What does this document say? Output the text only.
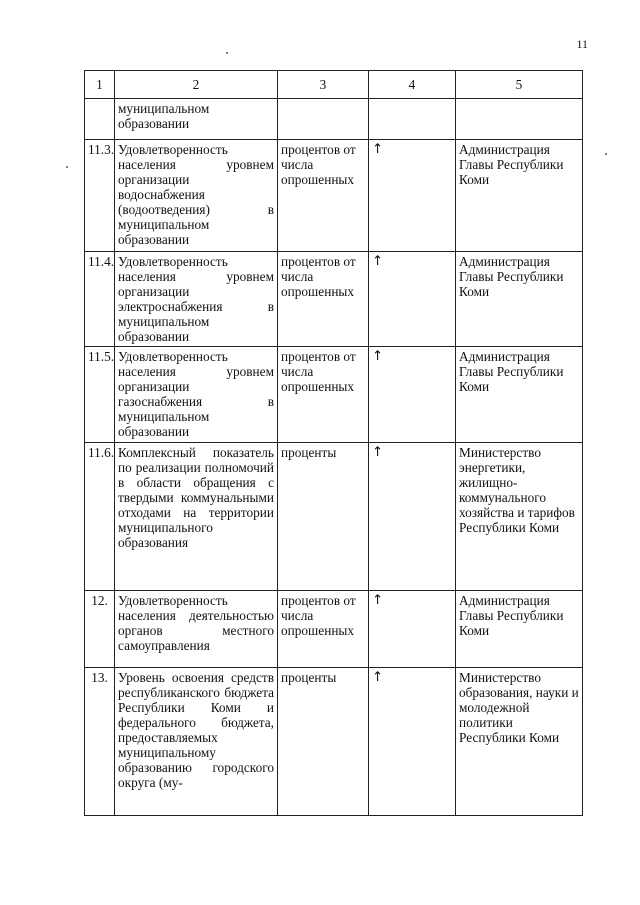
11
1	2	3	4	5
	муниципальном образовании			
11.3.	Удовлетворенность населения уровнем организации водоснабжения (водоотведения) в муниципальном образовании	процентов от числа опрошенных	↑	Администрация Главы Республики Коми
11.4.	Удовлетворенность населения уровнем организации электроснабжения в муниципальном образовании	процентов от числа опрошенных	↑	Администрация Главы Республики Коми
11.5.	Удовлетворенность населения уровнем организации газоснабжения в муниципальном образовании	процентов от числа опрошенных	↑	Администрация Главы Республики Коми
11.6.	Комплексный показатель по реализации полномочий в области обращения с твердыми коммунальными отходами на территории муниципального образования	проценты	↑	Министерство энергетики, жилищно-коммунального хозяйства и тарифов Республики Коми
12.	Удовлетворенность населения деятельностью органов местного самоуправления	процентов от числа опрошенных	↑	Администрация Главы Республики Коми
13.	Уровень освоения средств республиканского бюджета Республики Коми и федерального бюджета, предоставляемых муниципальному образованию городского округа (му-	проценты	↑	Министерство образования, науки и молодежной политики Республики Коми
